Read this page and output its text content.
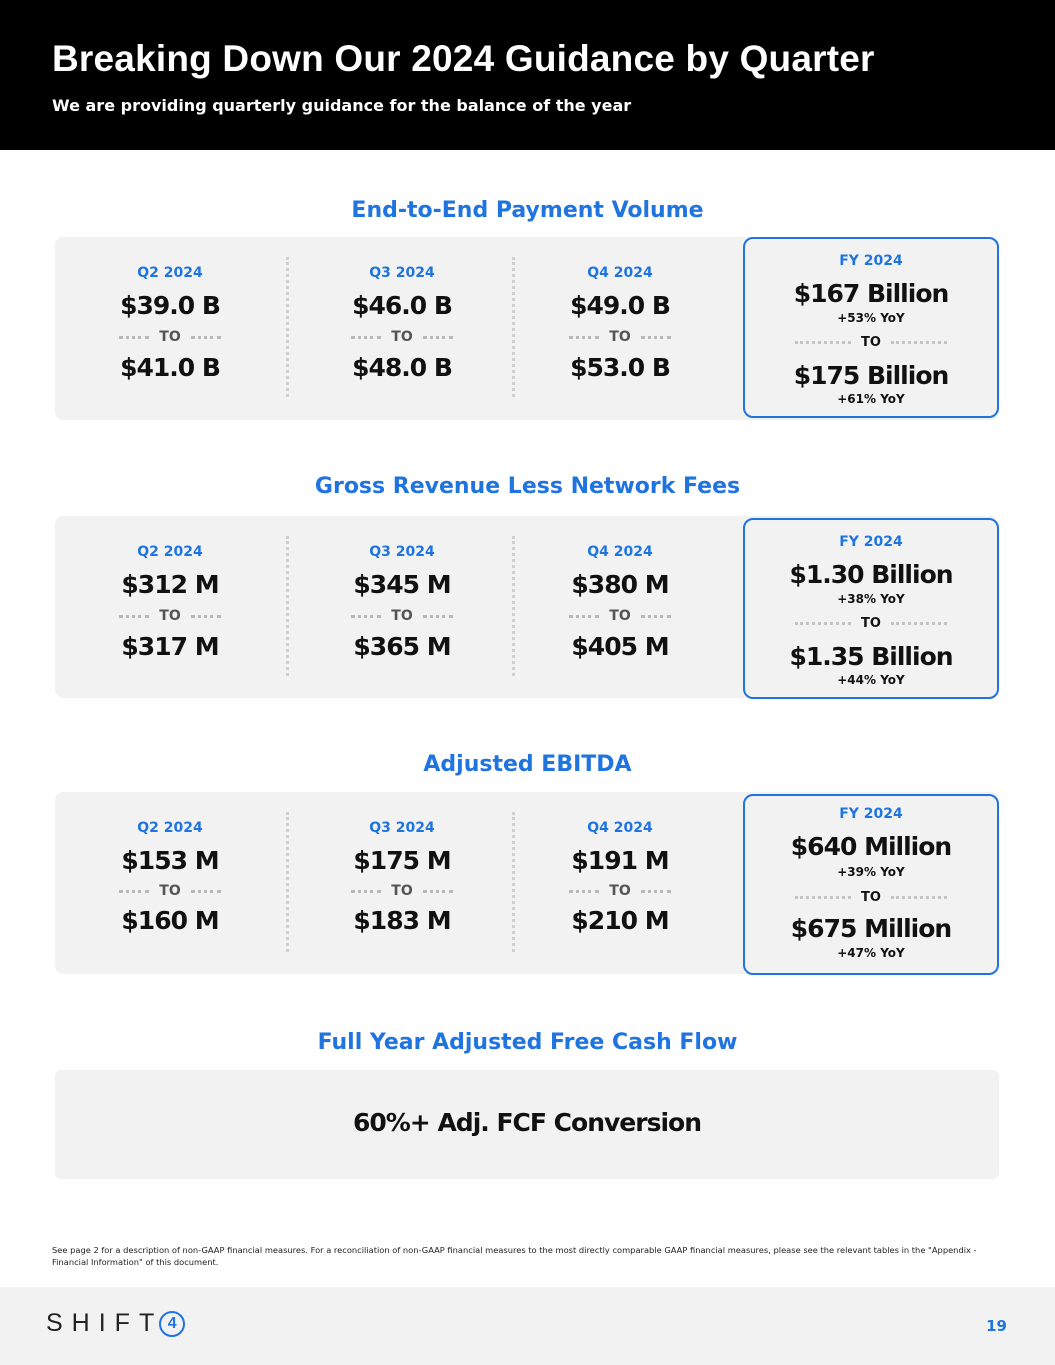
Breaking Down Our 2024 Guidance by Quarter
We are providing quarterly guidance for the balance of the year
End-to-End Payment Volume
Q2 2024
$39.0 B
TO
$41.0 B
Q3 2024
$46.0 B
TO
$48.0 B
Q4 2024
$49.0 B
TO
$53.0 B
FY 2024
$167 Billion
+53% YoY
TO
$175 Billion
+61% YoY
Gross Revenue Less Network Fees
Q2 2024
$312 M
TO
$317 M
Q3 2024
$345 M
TO
$365 M
Q4 2024
$380 M
TO
$405 M
FY 2024
$1.30 Billion
+38% YoY
TO
$1.35 Billion
+44% YoY
Adjusted EBITDA
Q2 2024
$153 M
TO
$160 M
Q3 2024
$175 M
TO
$183 M
Q4 2024
$191 M
TO
$210 M
FY 2024
$640 Million
+39% YoY
TO
$675 Million
+47% YoY
Full Year Adjusted Free Cash Flow
60%+ Adj. FCF Conversion
See page 2 for a description of non-GAAP financial measures. For a reconciliation of non-GAAP financial measures to the most directly comparable GAAP financial measures, please see the relevant tables in the "Appendix - Financial Information" of this document.
SHIFT 4	19
